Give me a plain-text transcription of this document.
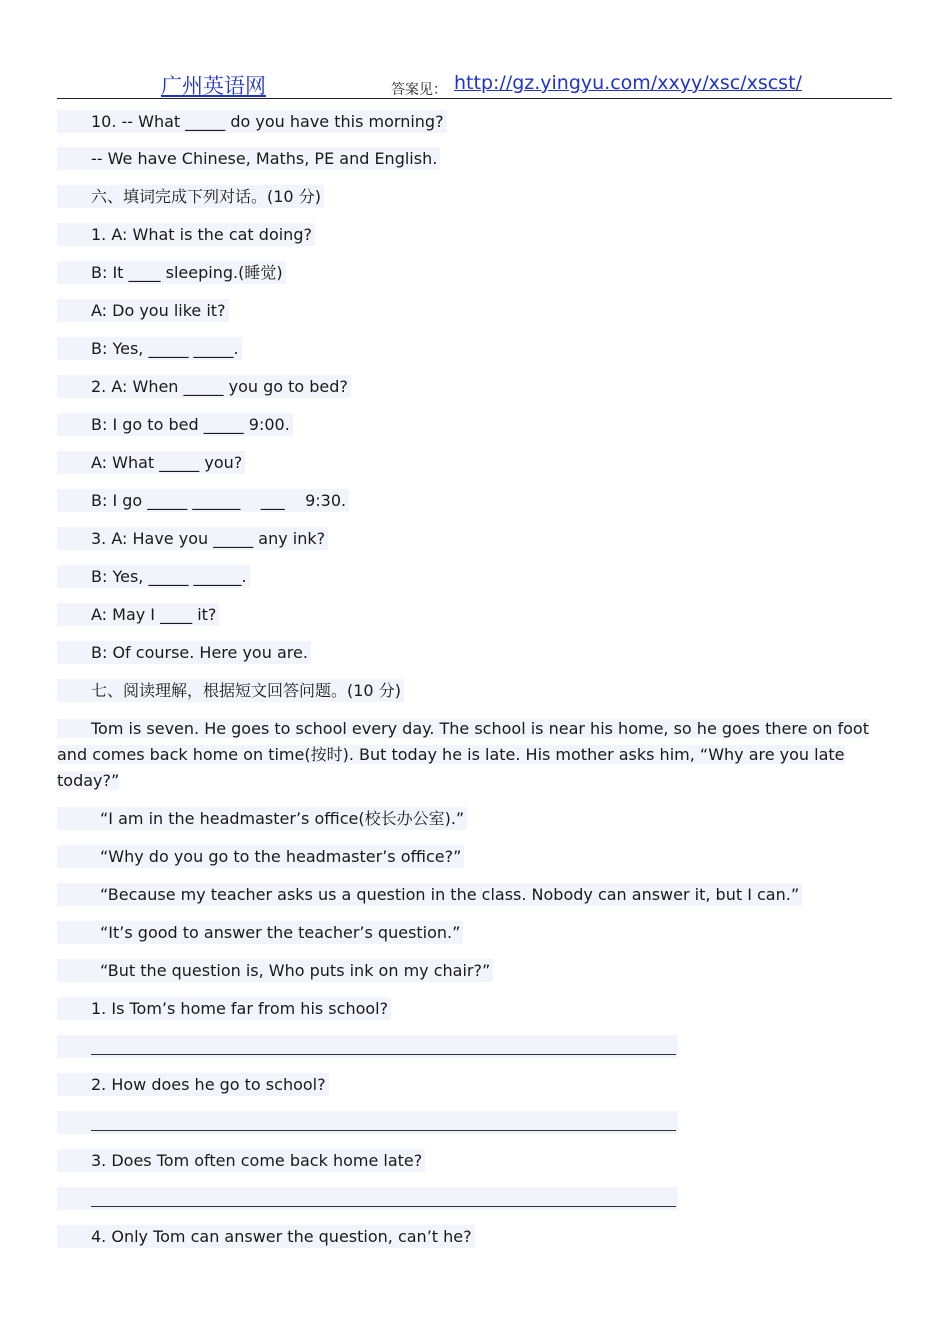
广州英语网	答案见： http://gz.yingyu.com/xxyy/xsc/xscst/
10. -- What _____ do you have this morning?
-- We have Chinese, Maths, PE and English.
六、填词完成下列对话。(10 分)
1. A: What is the cat doing?
B: It ____ sleeping.(睡觉)
A: Do you like it?
B: Yes, _____ _____.
2. A: When _____ you go to bed?
B: I go to bed _____ 9:00.
A: What _____ you?
B: I go _____ ______    ___    9:30.
3. A: Have you _____ any ink?
B: Yes, _____ ______.
A: May I ____ it?
B: Of course. Here you are.
七、阅读理解，根据短文回答问题。(10 分)
Tom is seven. He goes to school every day. The school is near his home, so he goes there on foot and comes back home on time(按时). But today he is late. His mother asks him, “Why are you late today?”
“I am in the headmaster’s office(校长办公室).”
“Why do you go to the headmaster’s office?”
“Because my teacher asks us a question in the class. Nobody can answer it, but I can.”
“It’s good to answer the teacher’s question.”
“But the question is, Who puts ink on my chair?”
1. Is Tom’s home far from his school?
2. How does he go to school?
3. Does Tom often come back home late?
4. Only Tom can answer the question, can’t he?
